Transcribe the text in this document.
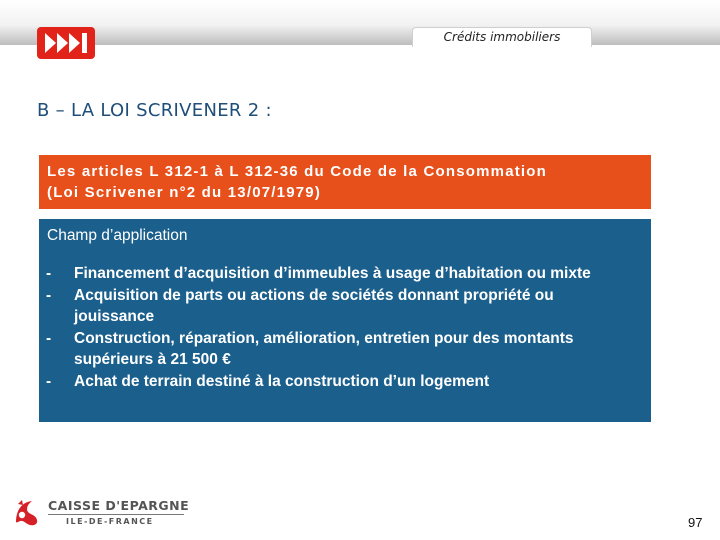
Crédits immobiliers
B – LA LOI SCRIVENER 2 :
Les articles L 312-1 à L 312-36 du Code de la Consommation
(Loi Scrivener n°2 du 13/07/1979)
Champ d’application
- Financement d’acquisition d’immeubles à usage d’habitation ou mixte
- Acquisition de parts ou actions de sociétés donnant propriété ou jouissance
- Construction, réparation, amélioration, entretien pour des montants supérieurs à 21 500 €
- Achat de terrain destiné à la construction d’un logement
CAISSE D'EPARGNE
ILE-DE-FRANCE	97
